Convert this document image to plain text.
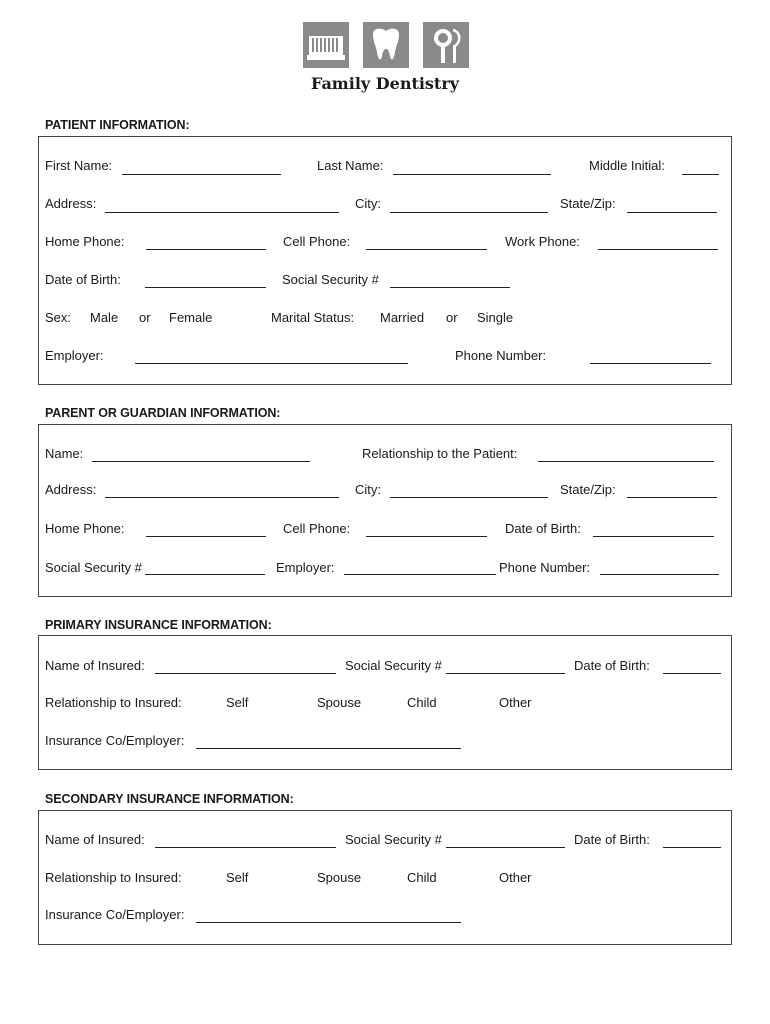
Family Dentistry
PATIENT INFORMATION:
First Name:	Last Name:	Middle Initial:
Address:	City:	State/Zip:
Home Phone:	Cell Phone:	Work Phone:
Date of Birth:	Social Security #
Sex: Male or Female	Marital Status: Married or Single
Employer:	Phone Number:
PARENT OR GUARDIAN INFORMATION:
Name:	Relationship to the Patient:
Address:	City:	State/Zip:
Home Phone:	Cell Phone:	Date of Birth:
Social Security #	Employer:	Phone Number:
PRIMARY INSURANCE INFORMATION:
Name of Insured:	Social Security #	Date of Birth:
Relationship to Insured:	Self	Spouse	Child	Other
Insurance Co/Employer:
SECONDARY INSURANCE INFORMATION:
Name of Insured:	Social Security #	Date of Birth:
Relationship to Insured:	Self	Spouse	Child	Other
Insurance Co/Employer:
